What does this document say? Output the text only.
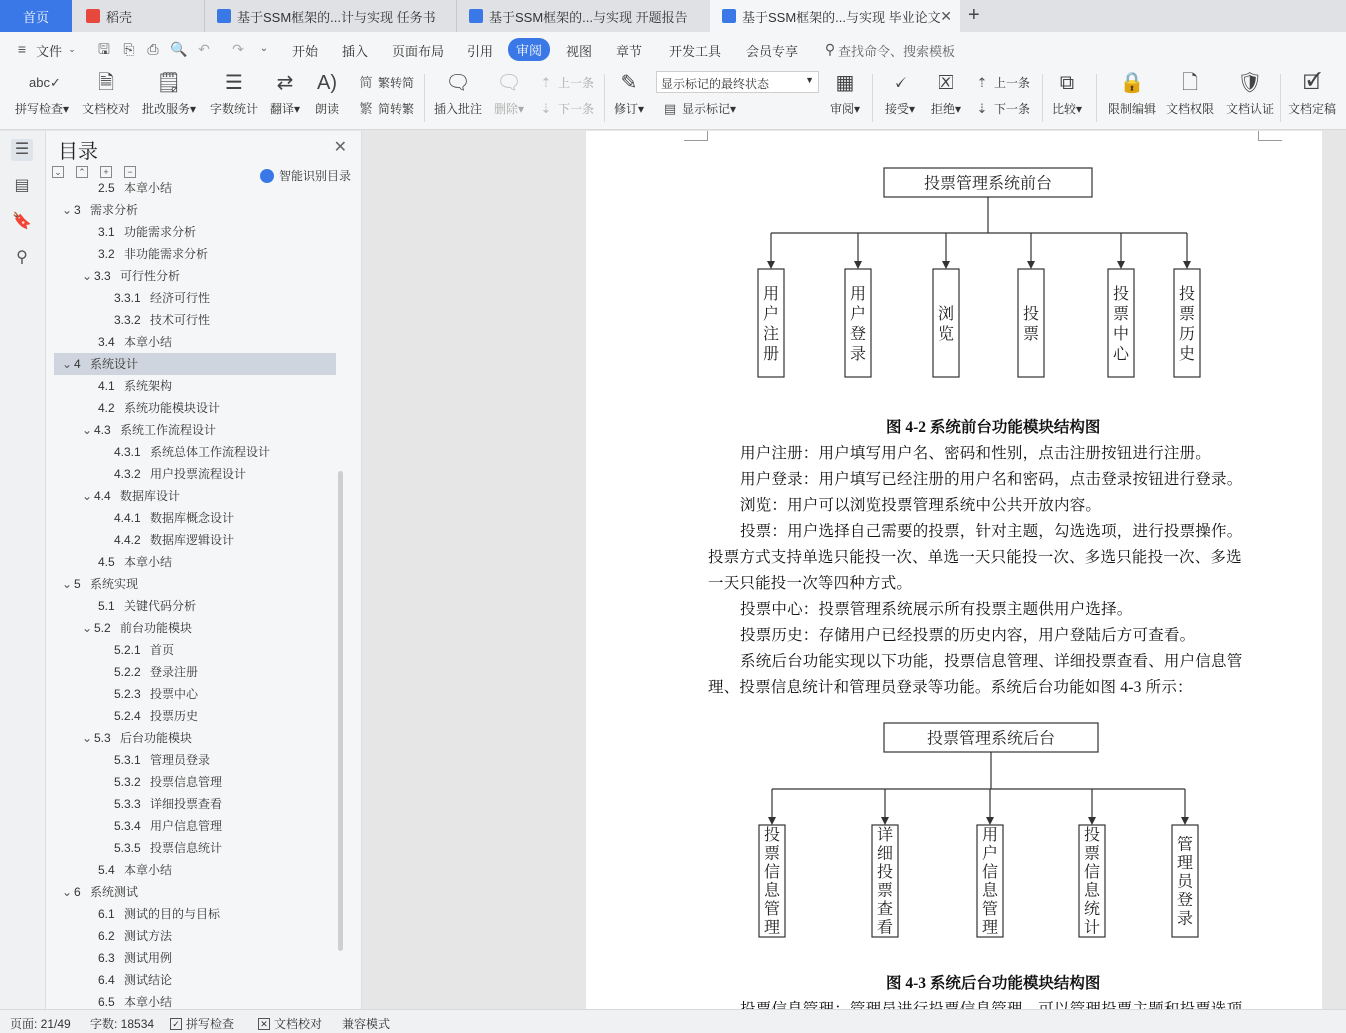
首页	稻壳	基于SSM框架的...计与实现 任务书	基于SSM框架的...与实现 开题报告	基于SSM框架的...与实现 毕业论文 ✕ +
≡ 文件 ⌄	🖫 ⎘ ⎙ 🔍 ↶ ↷	⌄ 开始 插入 页面布局 引用	审阅	视图 章节 开发工具 会员专享 ⚲ 查找命令、搜索模板
abc✓
拼写检查▾
🗎
文档校对
🗒
批改服务▾
☰
字数统计
⇄
翻译▾
A)
朗读
简 繁转简
繁 简转繁
🗨
插入批注
🗨
删除▾
⇡ 上一条
⇣ 下一条
✎
修订▾
显示标记的最终状态	▼
▤ 显示标记 ▾
▦
审阅▾
🗸
接受▾
🗵
拒绝▾
⇡ 上一条
⇣ 下一条
⧉
比较▾
🔒
限制编辑
🗋
文档权限
🛡
文档认证
🗹
文档定稿
☰
▤
🔖
⚲
目录	✕
⌄ ⌃	+	−	智能识别目录
2.5 本章小结
⌄ 3 需求分析
3.1 功能需求分析
3.2 非功能需求分析
⌄ 3.3 可行性分析
3.3.1 经济可行性
3.3.2 技术可行性
3.4 本章小结
⌄ 4 系统设计
4.1 系统架构
4.2 系统功能模块设计
⌄ 4.3 系统工作流程设计
4.3.1 系统总体工作流程设计
4.3.2 用户投票流程设计
⌄ 4.4 数据库设计
4.4.1 数据库概念设计
4.4.2 数据库逻辑设计
4.5 本章小结
⌄ 5 系统实现
5.1 关键代码分析
⌄ 5.2 前台功能模块
5.2.1 首页
5.2.2 登录注册
5.2.3 投票中心
5.2.4 投票历史
⌄ 5.3 后台功能模块
5.3.1 管理员登录
5.3.2 投票信息管理
5.3.3 详细投票查看
5.3.4 用户信息管理
5.3.5 投票信息统计
5.4 本章小结
⌄ 6 系统测试
6.1 测试的目的与目标
6.2 测试方法
6.3 测试用例
6.4 测试结论
6.5 本章小结
投票管理系统前台
用
户
注
册
用
户
登
录
浏
览
投
票
投
票
中
心
投
票
历
史
图 4-2 系统前台功能模块结构图
用户注册：用户填写用户名、密码和性别，点击注册按钮进行注册。
用户登录：用户填写已经注册的用户名和密码，点击登录按钮进行登录。
浏览：用户可以浏览投票管理系统中公共开放内容。
投票：用户选择自己需要的投票，针对主题，勾选选项，进行投票操作。
投票方式支持单选只能投一次、单选一天只能投一次、多选只能投一次、多选
一天只能投一次等四种方式。
投票中心：投票管理系统展示所有投票主题供用户选择。
投票历史：存储用户已经投票的历史内容，用户登陆后方可查看。
系统后台功能实现以下功能，投票信息管理、详细投票查看、用户信息管
理、投票信息统计和管理员登录等功能。系统后台功能如图 4-3 所示：
投票管理系统后台
投
票
信
息
管
理
详
细
投
票
查
看
用
户
信
息
管
理
投
票
信
息
统
计
管
理
员
登
录
图 4-3 系统后台功能模块结构图
页面: 21/49 字数: 18534 ✓ 拼写检查	✕ 文档校对 兼容模式
